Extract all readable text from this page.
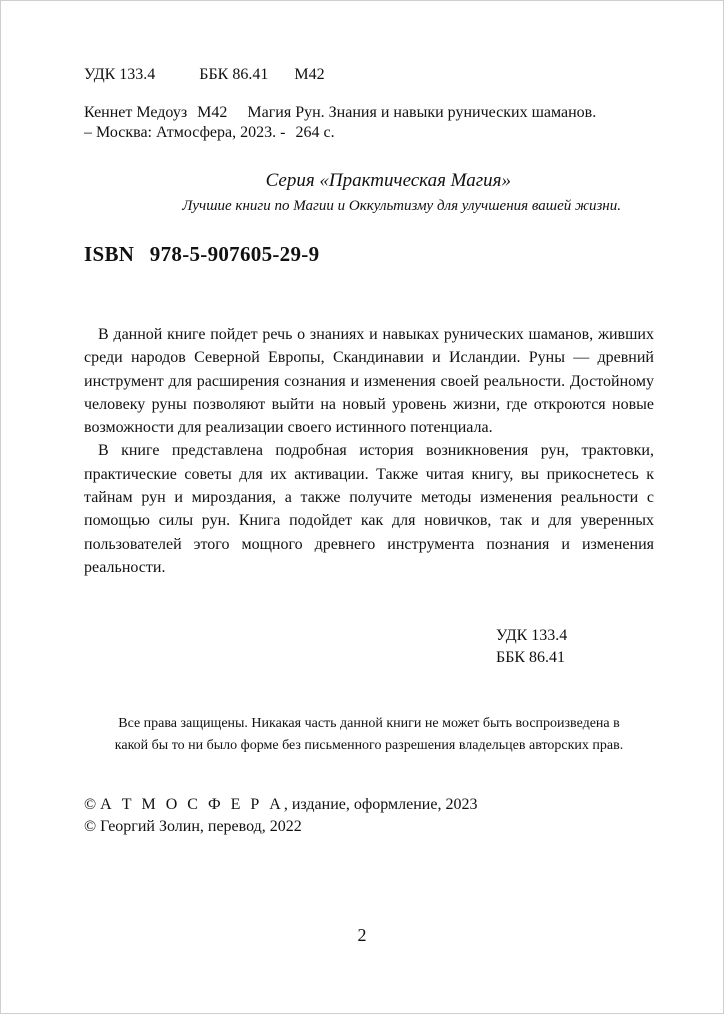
УДК 133.4	ББК 86.41 М42
Кеннет Медоуз М42 Магия Рун. Знания и навыки рунических шаманов.
– Москва: Атмосфера, 2023. - 264 с.
Серия «Практическая Магия»
Лучшие книги по Магии и Оккультизму для улучшения вашей жизни.
ISBN 978-5-907605-29-9

В данной книге пойдет речь о знаниях и навыках рунических шаманов, живших среди народов Северной Европы, Скандинавии и Исландии. Руны — древний инструмент для расширения сознания и изменения своей реальности. Достойному человеку руны позволяют выйти на новый уровень жизни, где откроются новые возможности для реализации своего истинного потенциала.

В книге представлена подробная история возникновения рун, трактовки, практические советы для их активации. Также читая книгу, вы прикоснетесь к тайнам рун и мироздания, а также получите методы изменения реальности с помощью силы рун. Книга подойдет как для новичков, так и для уверенных пользователей этого мощного древнего инструмента познания и изменения реальности.

УДК 133.4
ББК 86.41
Все права защищены. Никакая часть данной книги не может быть воспроизведена в
какой бы то ни было форме без письменного разрешения владельцев авторских прав.
© А Т М О С Ф Е Р А, издание, оформление, 2023
© Георгий Золин, перевод, 2022
2
